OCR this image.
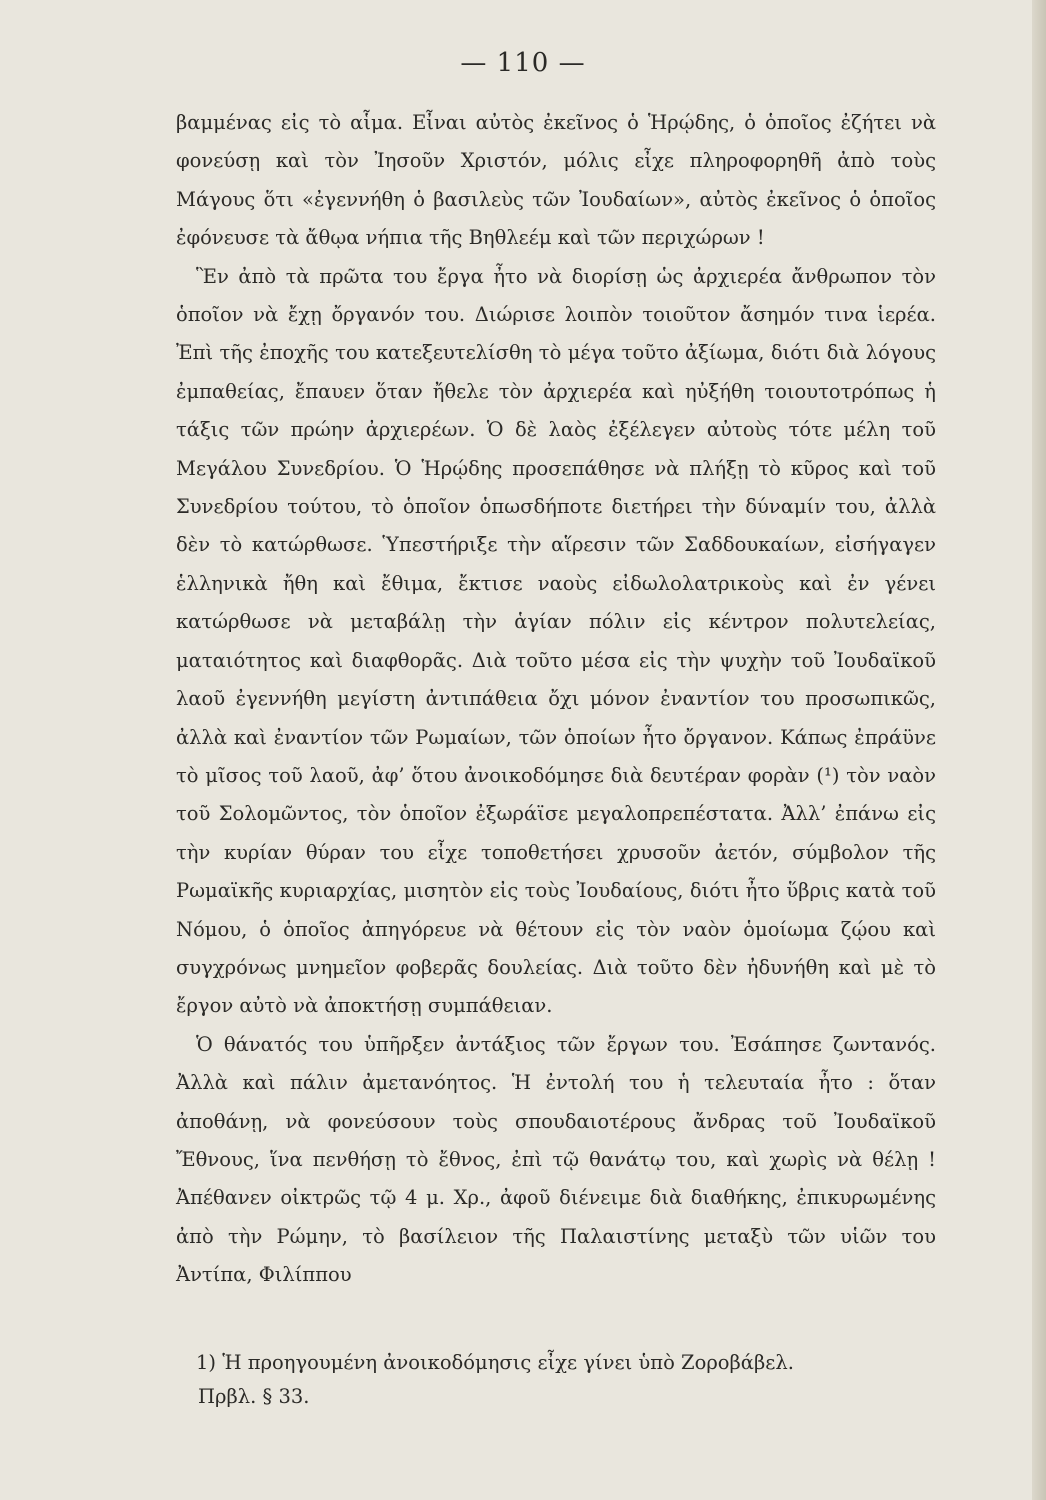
— 110 —

βαμμένας εἰς τὸ αἷμα. Εἶναι αὐτὸς ἐκεῖνος ὁ Ἡρῴδης, ὁ ὁποῖος ἐζήτει νὰ φονεύσῃ καὶ τὸν Ἰησοῦν Χριστόν, μόλις εἶχε πληροφορηθῆ ἀπὸ τοὺς Μάγους ὅτι «ἐγεννήθη ὁ βασιλεὺς τῶν Ἰουδαίων», αὐτὸς ἐκεῖνος ὁ ὁποῖος ἐφόνευσε τὰ ἄθῳα νήπια τῆς Βηθλεέμ καὶ τῶν περιχώρων !

Ἓν ἀπὸ τὰ πρῶτα του ἔργα ἦτο νὰ διορίσῃ ὡς ἀρχιερέα ἄνθρωπον τὸν ὁποῖον νὰ ἔχῃ ὄργανόν του. Διώρισε λοιπὸν τοιοῦτον ἄσημόν τινα ἱερέα. Ἐπὶ τῆς ἐποχῆς του κατεξευτελίσθη τὸ μέγα τοῦτο ἀξίωμα, διότι διὰ λόγους ἐμπαθείας, ἔπαυεν ὅταν ἤθελε τὸν ἀρχιερέα καὶ ηὐξήθη τοιουτοτρόπως ἡ τάξις τῶν πρώην ἀρχιερέων. Ὁ δὲ λαὸς ἐξέλεγεν αὐτοὺς τότε μέλη τοῦ Μεγάλου Συνεδρίου. Ὁ Ἡρῴδης προσεπάθησε νὰ πλήξῃ τὸ κῦρος καὶ τοῦ Συνεδρίου τούτου, τὸ ὁποῖον ὁπωσδήποτε διετήρει τὴν δύναμίν του, ἀλλὰ δὲν τὸ κατώρθωσε. Ὑπεστήριξε τὴν αἵρεσιν τῶν Σαδδουκαίων, εἰσήγαγεν ἑλληνικὰ ἤθη καὶ ἔθιμα, ἔκτισε ναοὺς εἰδωλολατρικοὺς καὶ ἐν γένει κατώρθωσε νὰ μεταβάλῃ τὴν ἁγίαν πόλιν εἰς κέντρον πολυτελείας, ματαιότητος καὶ διαφθορᾶς. Διὰ τοῦτο μέσα εἰς τὴν ψυχὴν τοῦ Ἰουδαϊκοῦ λαοῦ ἐγεννήθη μεγίστη ἀντιπάθεια ὄχι μόνον ἐναντίον του προσωπικῶς, ἀλλὰ καὶ ἐναντίον τῶν Ρωμαίων, τῶν ὁποίων ἦτο ὄργανον. Κάπως ἐπράϋνε τὸ μῖσος τοῦ λαοῦ, ἀφ’ ὅτου ἀνοικοδόμησε διὰ δευτέραν φορὰν (¹) τὸν ναὸν τοῦ Σολομῶντος, τὸν ὁποῖον ἐξωράϊσε μεγαλοπρεπέστατα. Ἀλλ’ ἐπάνω εἰς τὴν κυρίαν θύραν του εἶχε τοποθετήσει χρυσοῦν ἀετόν, σύμβολον τῆς Ρωμαϊκῆς κυριαρχίας, μισητὸν εἰς τοὺς Ἰουδαίους, διότι ἦτο ὕβρις κατὰ τοῦ Νόμου, ὁ ὁποῖος ἀπηγόρευε νὰ θέτουν εἰς τὸν ναὸν ὁμοίωμα ζῴου καὶ συγχρόνως μνημεῖον φοβερᾶς δουλείας. Διὰ τοῦτο δὲν ἠδυνήθη καὶ μὲ τὸ ἔργον αὐτὸ νὰ ἀποκτήσῃ συμπάθειαν.

Ὁ θάνατός του ὑπῆρξεν ἀντάξιος τῶν ἔργων του. Ἐσάπησε ζωντανός. Ἀλλὰ καὶ πάλιν ἀμετανόητος. Ἡ ἐντολή του ἡ τελευταία ἦτο : ὅταν ἀποθάνῃ, νὰ φονεύσουν τοὺς σπουδαιοτέρους ἄνδρας τοῦ Ἰουδαϊκοῦ Ἔθνους, ἵνα πενθήσῃ τὸ ἔθνος, ἐπὶ τῷ θανάτῳ του, καὶ χωρὶς νὰ θέλῃ ! Ἀπέθανεν οἰκτρῶς τῷ 4 μ. Χρ., ἀφοῦ διένειμε διὰ διαθήκης, ἐπικυρωμένης ἀπὸ τὴν Ρώμην, τὸ βασίλειον τῆς Παλαιστίνης μεταξὺ τῶν υἱῶν του Ἀντίπα, Φιλίππου

1) Ἡ προηγουμένη ἀνοικοδόμησις εἶχε γίνει ὑπὸ Ζοροβάβελ.
Πρβλ. § 33.
